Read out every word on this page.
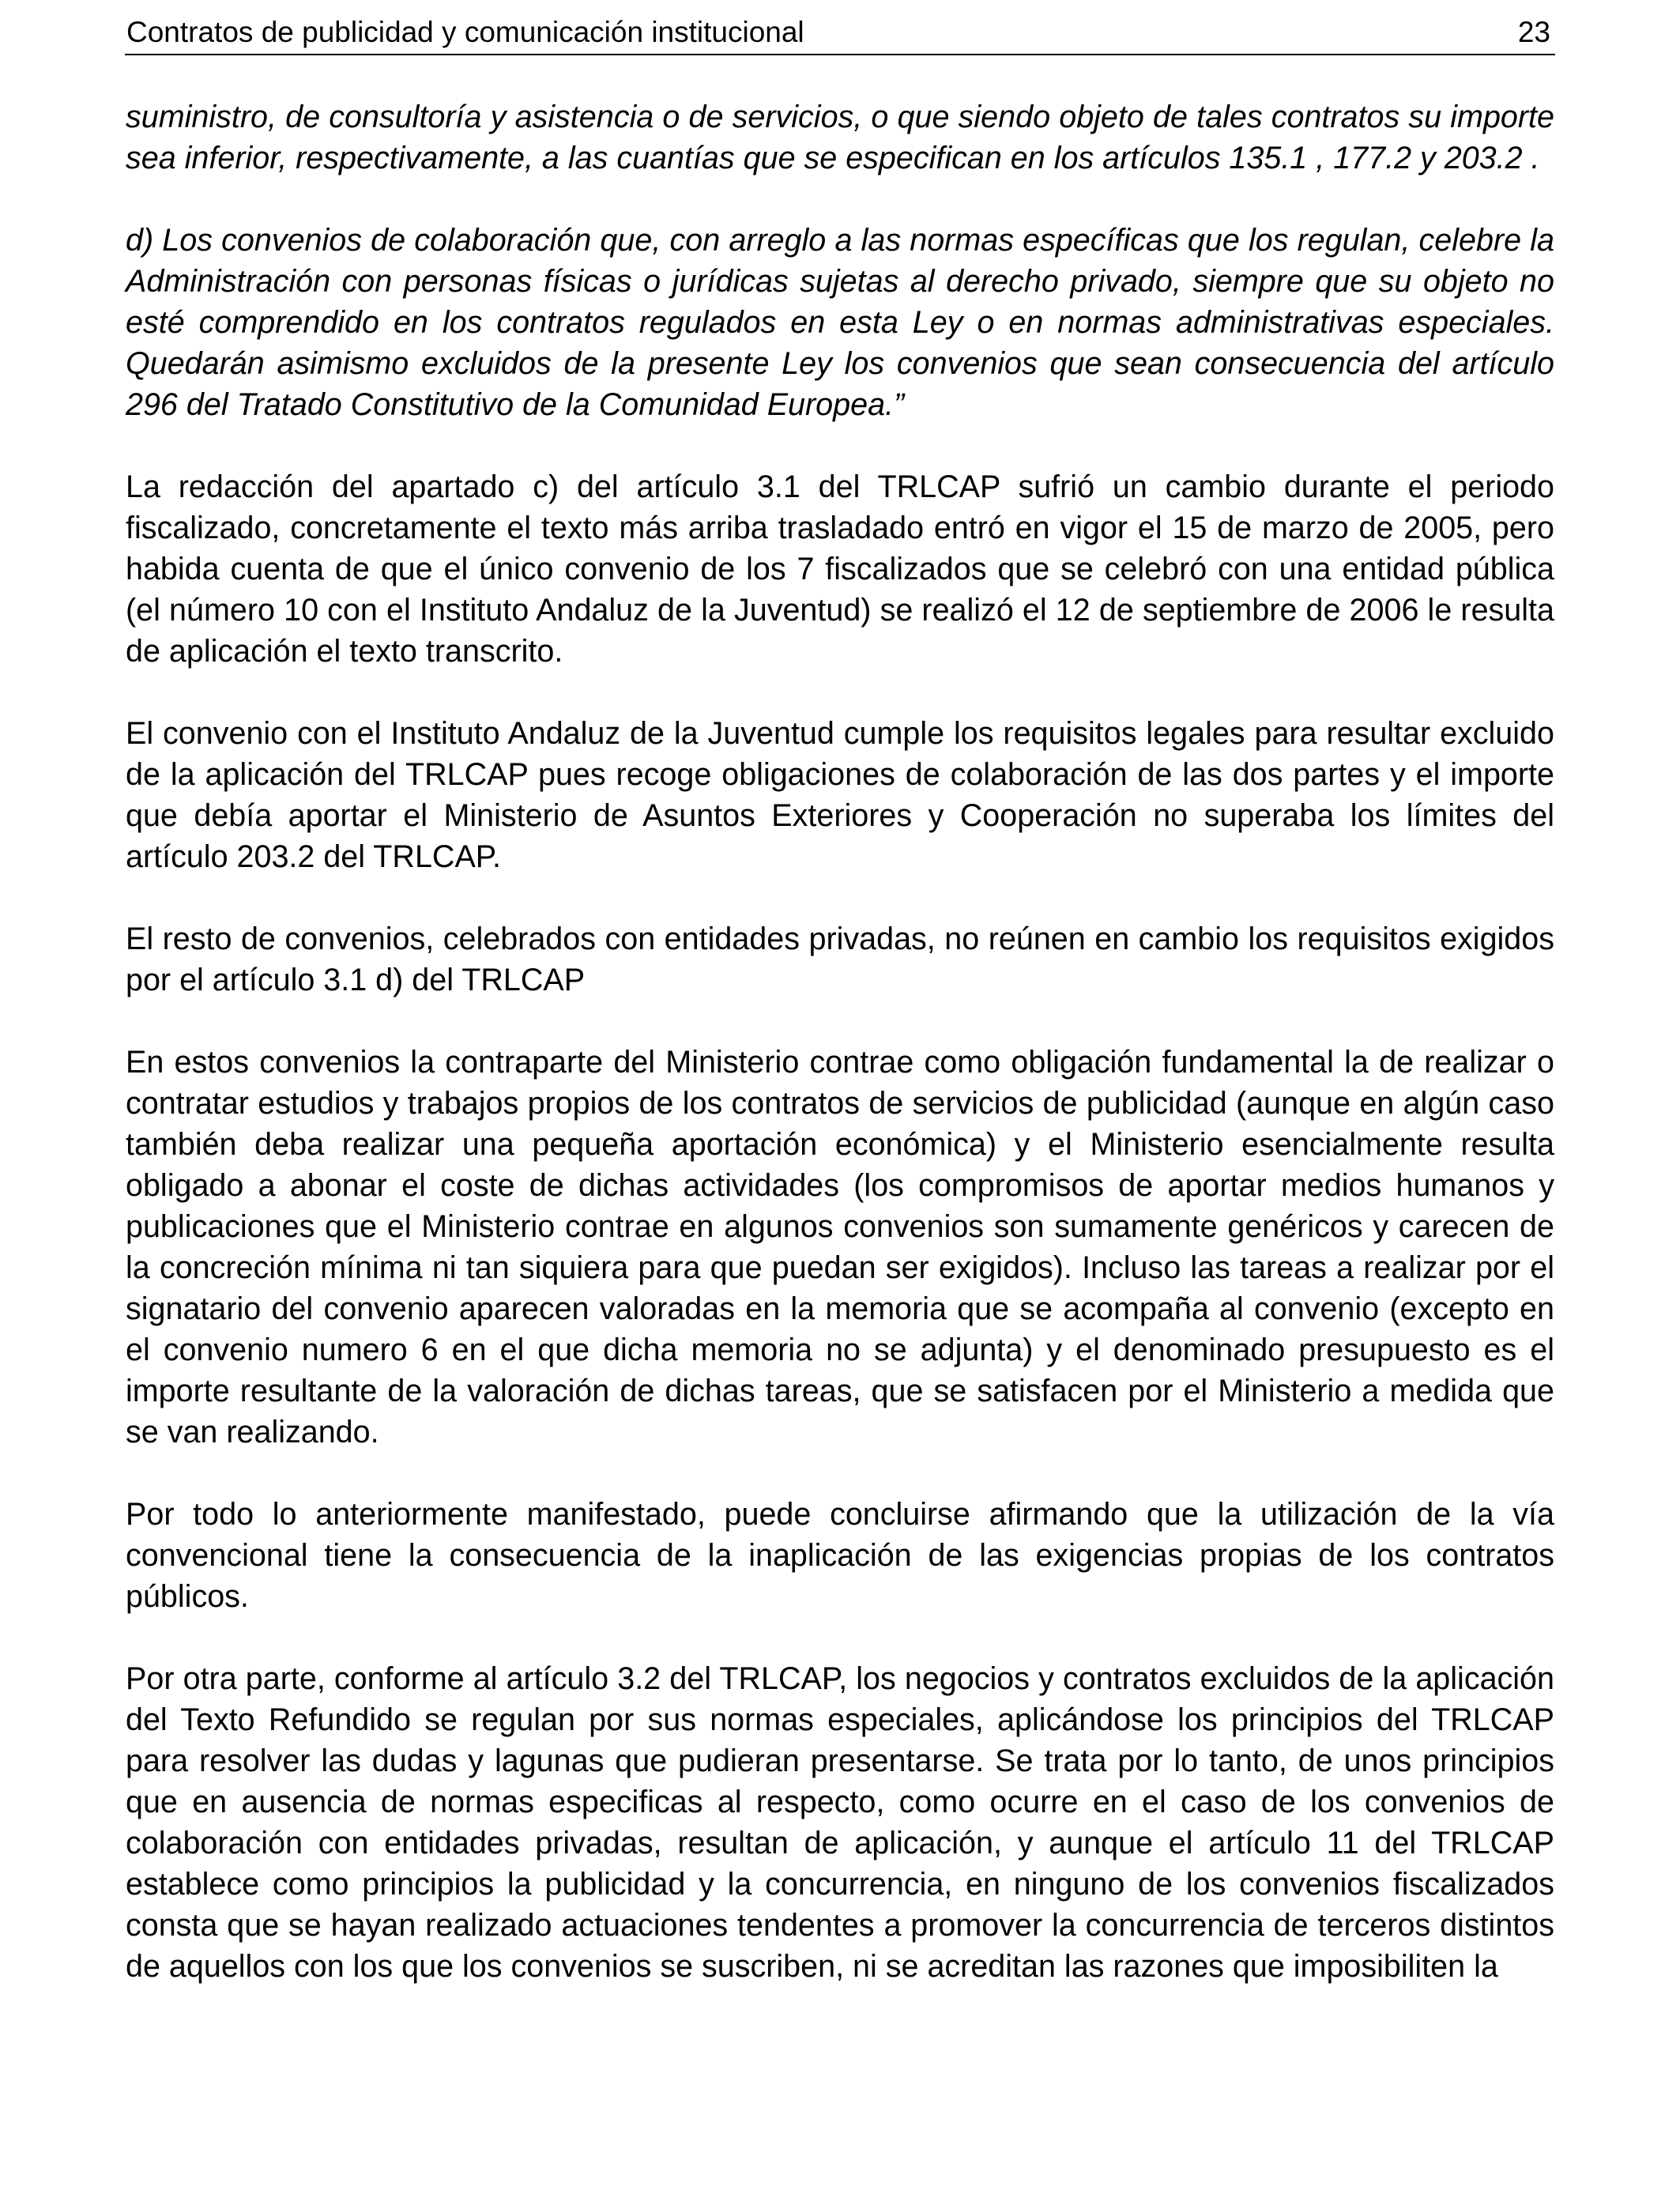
Contratos de publicidad y comunicación institucional	23

suministro, de consultoría y asistencia o de servicios, o que siendo objeto de tales contratos su importe sea inferior, respectivamente, a las cuantías que se especifican en los artículos 135.1 , 177.2 y 203.2 .

d) Los convenios de colaboración que, con arreglo a las normas específicas que los regulan, celebre la Administración con personas físicas o jurídicas sujetas al derecho privado, siempre que su objeto no esté comprendido en los contratos regulados en esta Ley o en normas administrativas especiales. Quedarán asimismo excluidos de la presente Ley los convenios que sean consecuencia del artículo 296 del Tratado Constitutivo de la Comunidad Europea.”

La redacción del apartado c) del artículo 3.1 del TRLCAP sufrió un cambio durante el periodo fiscalizado, concretamente el texto más arriba trasladado entró en vigor el 15 de marzo de 2005, pero habida cuenta de que el único convenio de los 7 fiscalizados que se celebró con una entidad pública (el número 10 con el Instituto Andaluz de la Juventud) se realizó el 12 de septiembre de 2006 le resulta de aplicación el texto transcrito.

El convenio con el Instituto Andaluz de la Juventud cumple los requisitos legales para resultar excluido de la aplicación del TRLCAP pues recoge obligaciones de colaboración de las dos partes y el importe que debía aportar el Ministerio de Asuntos Exteriores y Cooperación no superaba los límites del artículo 203.2 del TRLCAP.

El resto de convenios, celebrados con entidades privadas, no reúnen en cambio los requisitos exigidos por el artículo 3.1 d) del TRLCAP

En estos convenios la contraparte del Ministerio contrae como obligación fundamental la de realizar o contratar estudios y trabajos propios de los contratos de servicios de publicidad (aunque en algún caso también deba realizar una pequeña aportación económica) y el Ministerio esencialmente resulta obligado a abonar el coste de dichas actividades (los compromisos de aportar medios humanos y publicaciones que el Ministerio contrae en algunos convenios son sumamente genéricos y carecen de la concreción mínima ni tan siquiera para que puedan ser exigidos). Incluso las tareas a realizar por el signatario del convenio aparecen valoradas en la memoria que se acompaña al convenio (excepto en el convenio numero 6 en el que dicha memoria no se adjunta) y el denominado presupuesto es el importe resultante de la valoración de dichas tareas, que se satisfacen por el Ministerio a medida que se van realizando.

Por todo lo anteriormente manifestado, puede concluirse afirmando que la utilización de la vía convencional tiene la consecuencia de la inaplicación de las exigencias propias de los contratos públicos.

Por otra parte, conforme al artículo 3.2 del TRLCAP, los negocios y contratos excluidos de la aplicación del Texto Refundido se regulan por sus normas especiales, aplicándose los principios del TRLCAP para resolver las dudas y lagunas que pudieran presentarse. Se trata por lo tanto, de unos principios que en ausencia de normas especificas al respecto, como ocurre en el caso de los convenios de colaboración con entidades privadas, resultan de aplicación, y aunque el artículo 11 del TRLCAP establece como principios la publicidad y la concurrencia, en ninguno de los convenios fiscalizados consta que se hayan realizado actuaciones tendentes a promover la concurrencia de terceros distintos de aquellos con los que los convenios se suscriben, ni se acreditan las razones que imposibiliten la
